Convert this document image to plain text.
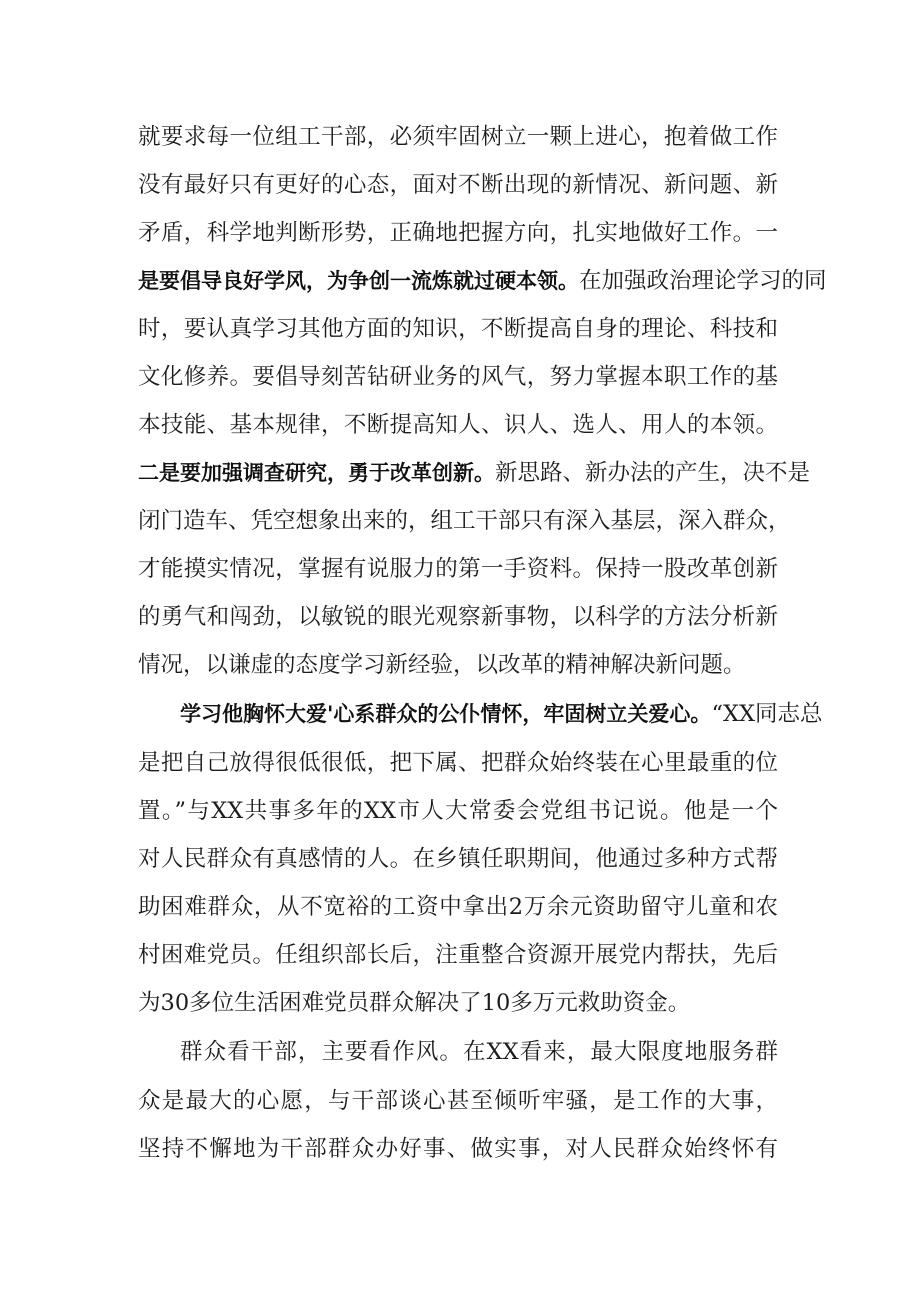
就要求每一位组工干部，必须牢固树立一颗上进心，抱着做工作
没有最好只有更好的心态，面对不断出现的新情况、新问题、新
矛盾，科学地判断形势，正确地把握方向，扎实地做好工作。一
是要倡导良好学风，为争创一流炼就过硬本领。在加强政治理论学习的同
时，要认真学习其他方面的知识，不断提高自身的理论、科技和
文化修养。要倡导刻苦钻研业务的风气，努力掌握本职工作的基
本技能、基本规律，不断提高知人、识人、选人、用人的本领。
二是要加强调查研究，勇于改革创新。新思路、新办法的产生，决不是
闭门造车、凭空想象出来的，组工干部只有深入基层，深入群众，
才能摸实情况，掌握有说服力的第一手资料。保持一股改革创新
的勇气和闯劲，以敏锐的眼光观察新事物，以科学的方法分析新
情况，以谦虚的态度学习新经验，以改革的精神解决新问题。
学习他胸怀大爱'心系群众的公仆情怀，牢固树立关爱心。“XX同志总
是把自己放得很低很低，把下属、把群众始终装在心里最重的位
置。”与XX共事多年的XX市人大常委会党组书记说。他是一个
对人民群众有真感情的人。在乡镇任职期间，他通过多种方式帮
助困难群众，从不宽裕的工资中拿出2万余元资助留守儿童和农
村困难党员。任组织部长后，注重整合资源开展党内帮扶，先后
为30多位生活困难党员群众解决了10多万元救助资金。
群众看干部，主要看作风。在XX看来，最大限度地服务群
众是最大的心愿，与干部谈心甚至倾听牢骚，是工作的大事，
坚持不懈地为干部群众办好事、做实事，对人民群众始终怀有
